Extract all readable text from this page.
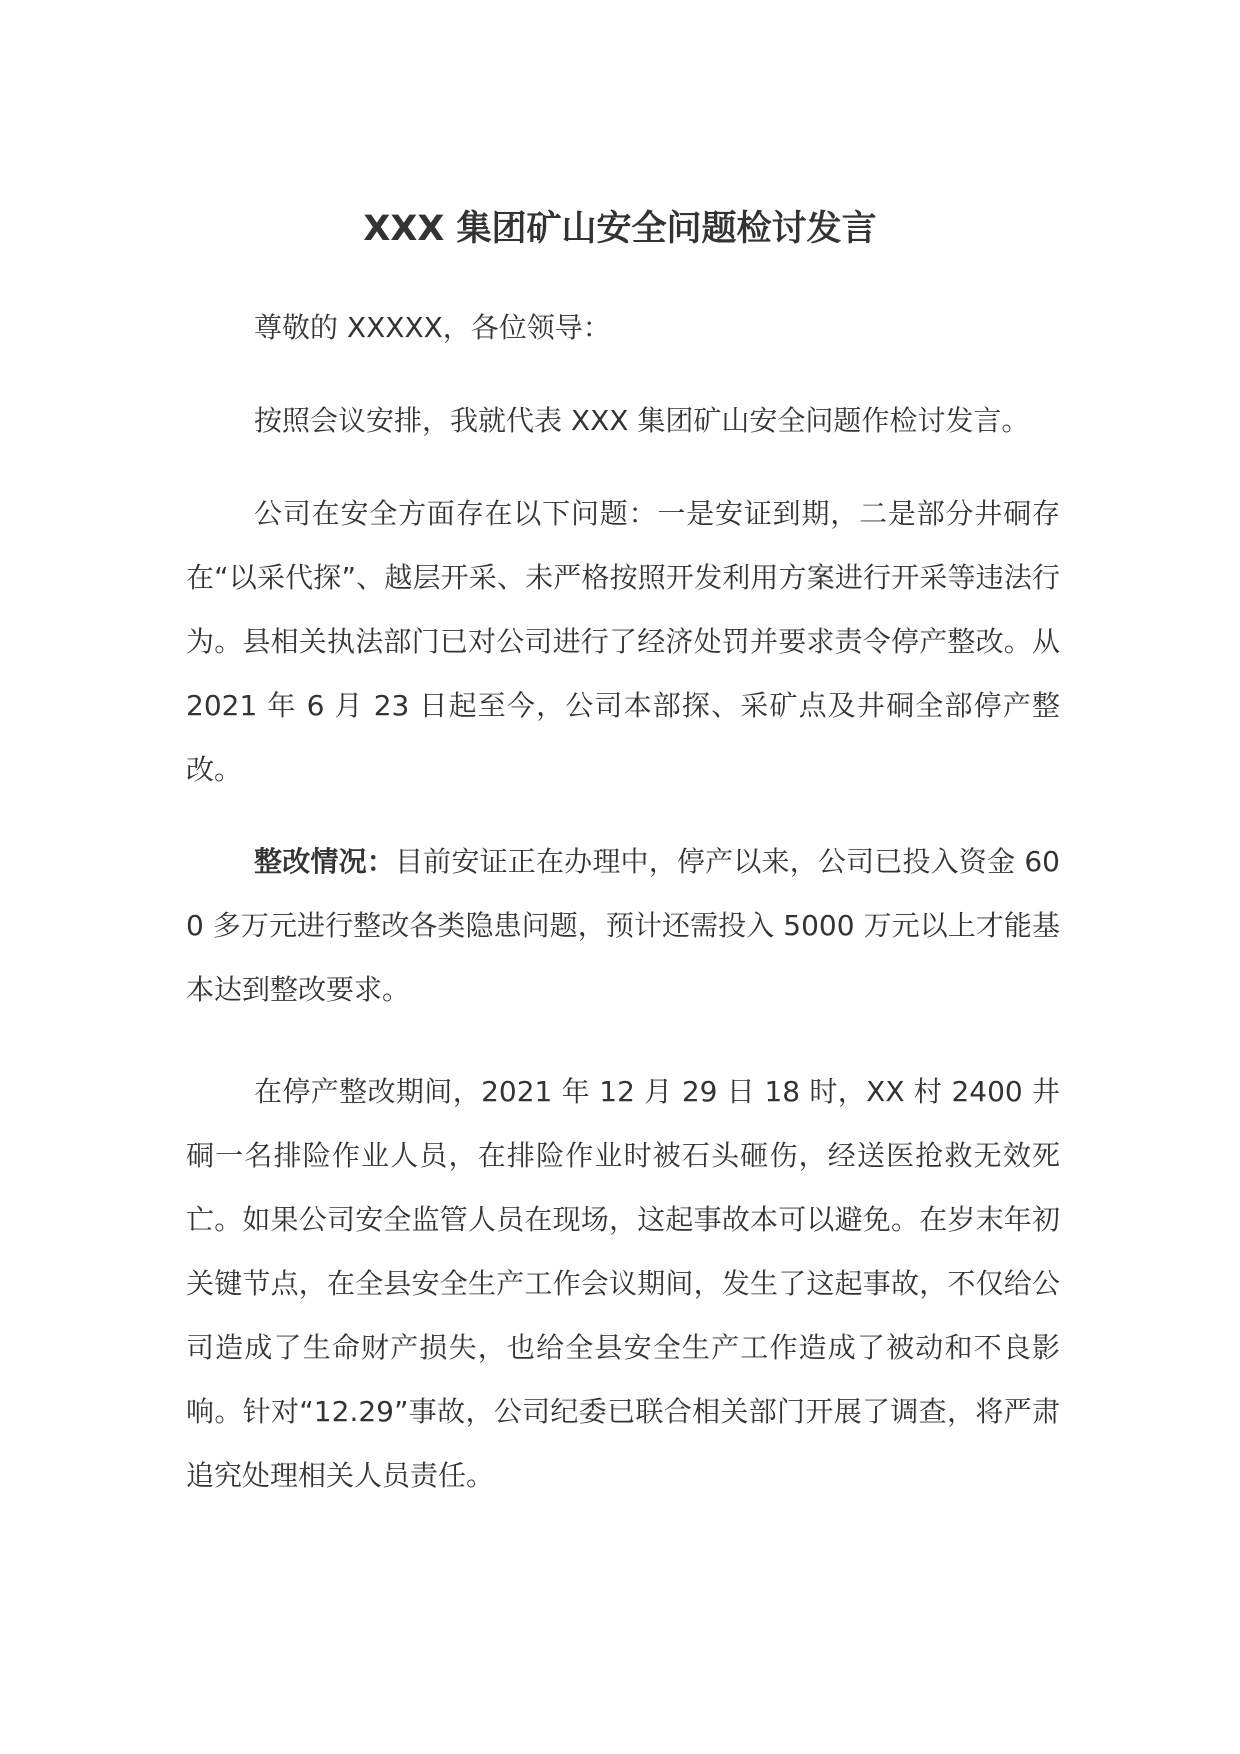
XXX 集团矿山安全问题检讨发言

尊敬的 XXXXX，各位领导：

按照会议安排，我就代表 XXX 集团矿山安全问题作检讨发言。

公司在安全方面存在以下问题：一是安证到期，二是部分井硐存在“以采代探”、越层开采、未严格按照开发利用方案进行开采等违法行为。县相关执法部门已对公司进行了经济处罚并要求责令停产整改。从 2021 年 6 月 23 日起至今，公司本部探、采矿点及井硐全部停产整改。

整改情况：目前安证正在办理中，停产以来，公司已投入资金 600 多万元进行整改各类隐患问题，预计还需投入 5000 万元以上才能基本达到整改要求。

在停产整改期间，2021 年 12 月 29 日 18 时，XX 村 2400 井硐一名排险作业人员，在排险作业时被石头砸伤，经送医抢救无效死亡。如果公司安全监管人员在现场，这起事故本可以避免。在岁末年初关键节点，在全县安全生产工作会议期间，发生了这起事故，不仅给公司造成了生命财产损失，也给全县安全生产工作造成了被动和不良影响。针对“12.29”事故，公司纪委已联合相关部门开展了调查，将严肃追究处理相关人员责任。
